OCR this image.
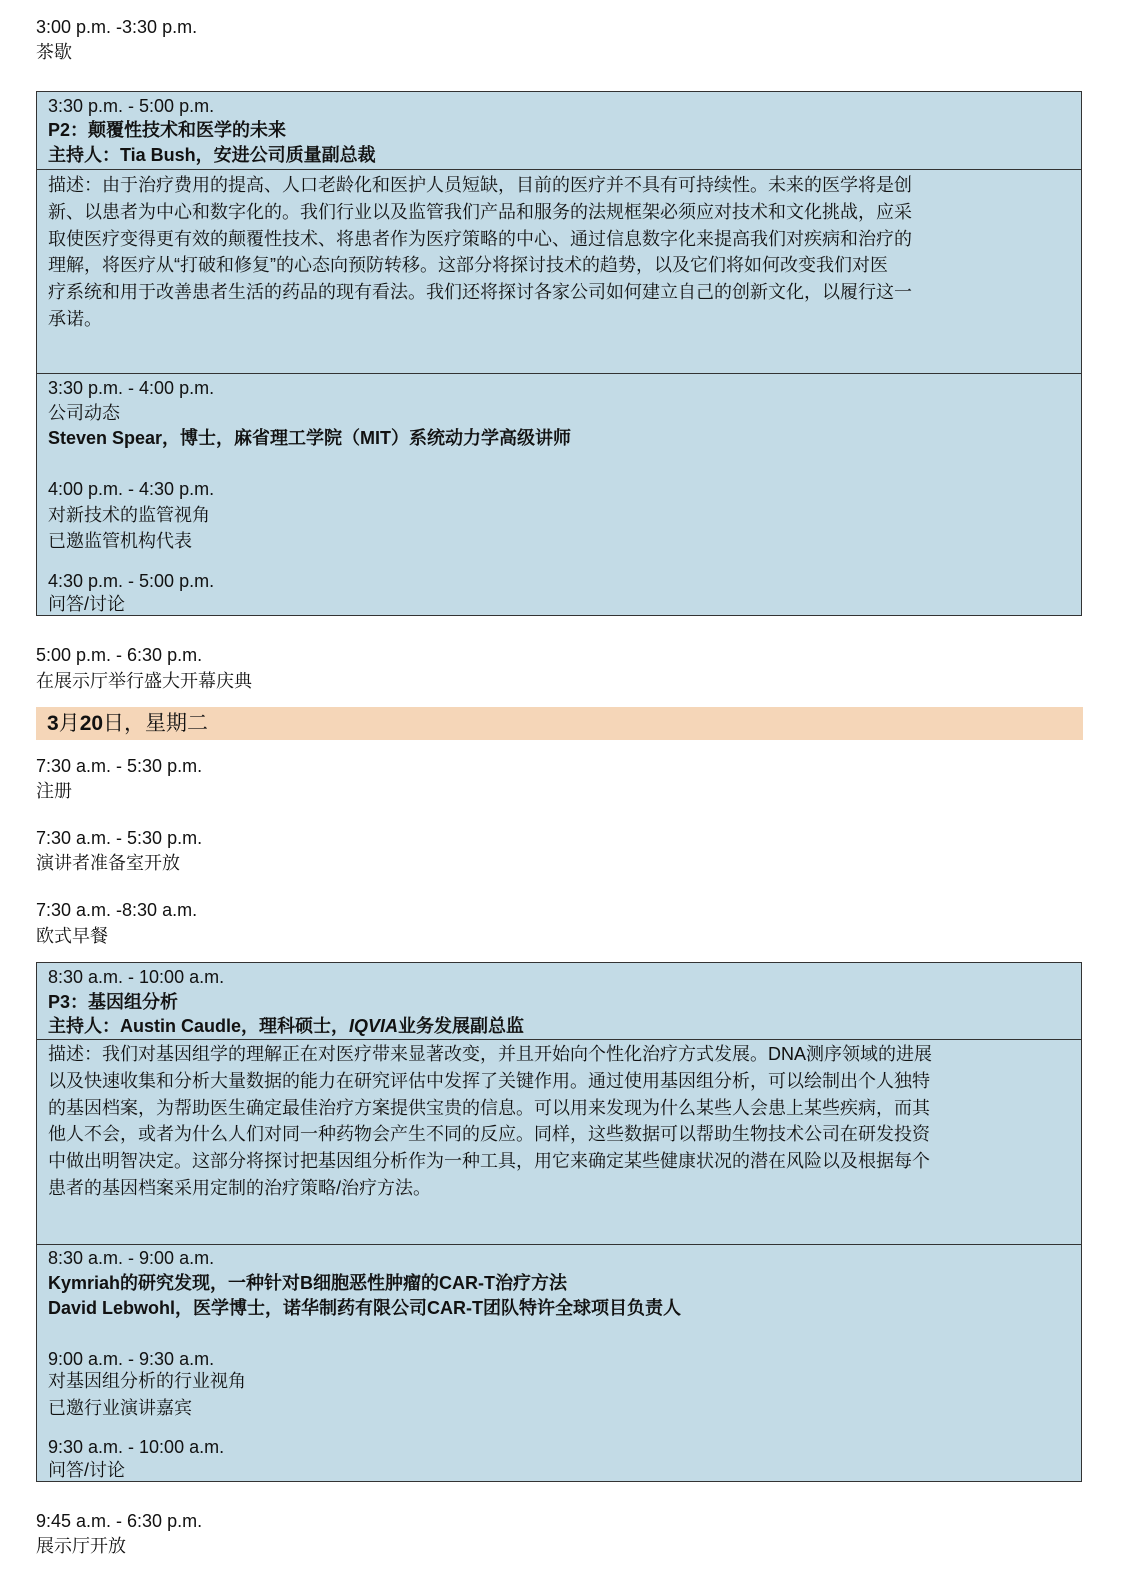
3:00 p.m. -3:30 p.m.
茶歇
3:30 p.m. - 5:00 p.m.
P2：颠覆性技术和医学的未来
主持人：Tia Bush，安进公司质量副总裁
描述：由于治疗费用的提高、人口老龄化和医护人员短缺，目前的医疗并不具有可持续性。未来的医学将是创
新、以患者为中心和数字化的。我们行业以及监管我们产品和服务的法规框架必须应对技术和文化挑战，应采
取使医疗变得更有效的颠覆性技术、将患者作为医疗策略的中心、通过信息数字化来提高我们对疾病和治疗的
理解，将医疗从“打破和修复”的心态向预防转移。这部分将探讨技术的趋势，以及它们将如何改变我们对医
疗系统和用于改善患者生活的药品的现有看法。我们还将探讨各家公司如何建立自己的创新文化，以履行这一
承诺。
3:30 p.m. - 4:00 p.m.
公司动态
Steven Spear，博士，麻省理工学院（MIT）系统动力学高级讲师
4:00 p.m. - 4:30 p.m.
对新技术的监管视角
已邀监管机构代表
4:30 p.m. - 5:00 p.m.
问答/讨论
5:00 p.m. - 6:30 p.m.
在展示厅举行盛大开幕庆典
3月20日，星期二
7:30 a.m. - 5:30 p.m.
注册
7:30 a.m. - 5:30 p.m.
演讲者准备室开放
7:30 a.m. -8:30 a.m.
欧式早餐
8:30 a.m. - 10:00 a.m.
P3：基因组分析
主持人：Austin Caudle，理科硕士，IQVIA业务发展副总监
描述：我们对基因组学的理解正在对医疗带来显著改变，并且开始向个性化治疗方式发展。DNA测序领域的进展
以及快速收集和分析大量数据的能力在研究评估中发挥了关键作用。通过使用基因组分析，可以绘制出个人独特
的基因档案，为帮助医生确定最佳治疗方案提供宝贵的信息。可以用来发现为什么某些人会患上某些疾病，而其
他人不会，或者为什么人们对同一种药物会产生不同的反应。同样，这些数据可以帮助生物技术公司在研发投资
中做出明智决定。这部分将探讨把基因组分析作为一种工具，用它来确定某些健康状况的潜在风险以及根据每个
患者的基因档案采用定制的治疗策略/治疗方法。
8:30 a.m. - 9:00 a.m.
Kymriah的研究发现，一种针对B细胞恶性肿瘤的CAR-T治疗方法
David Lebwohl，医学博士，诺华制药有限公司CAR-T团队特许全球项目负责人
9:00 a.m. - 9:30 a.m.
对基因组分析的行业视角
已邀行业演讲嘉宾
9:30 a.m. - 10:00 a.m.
问答/讨论
9:45 a.m. - 6:30 p.m.
展示厅开放
